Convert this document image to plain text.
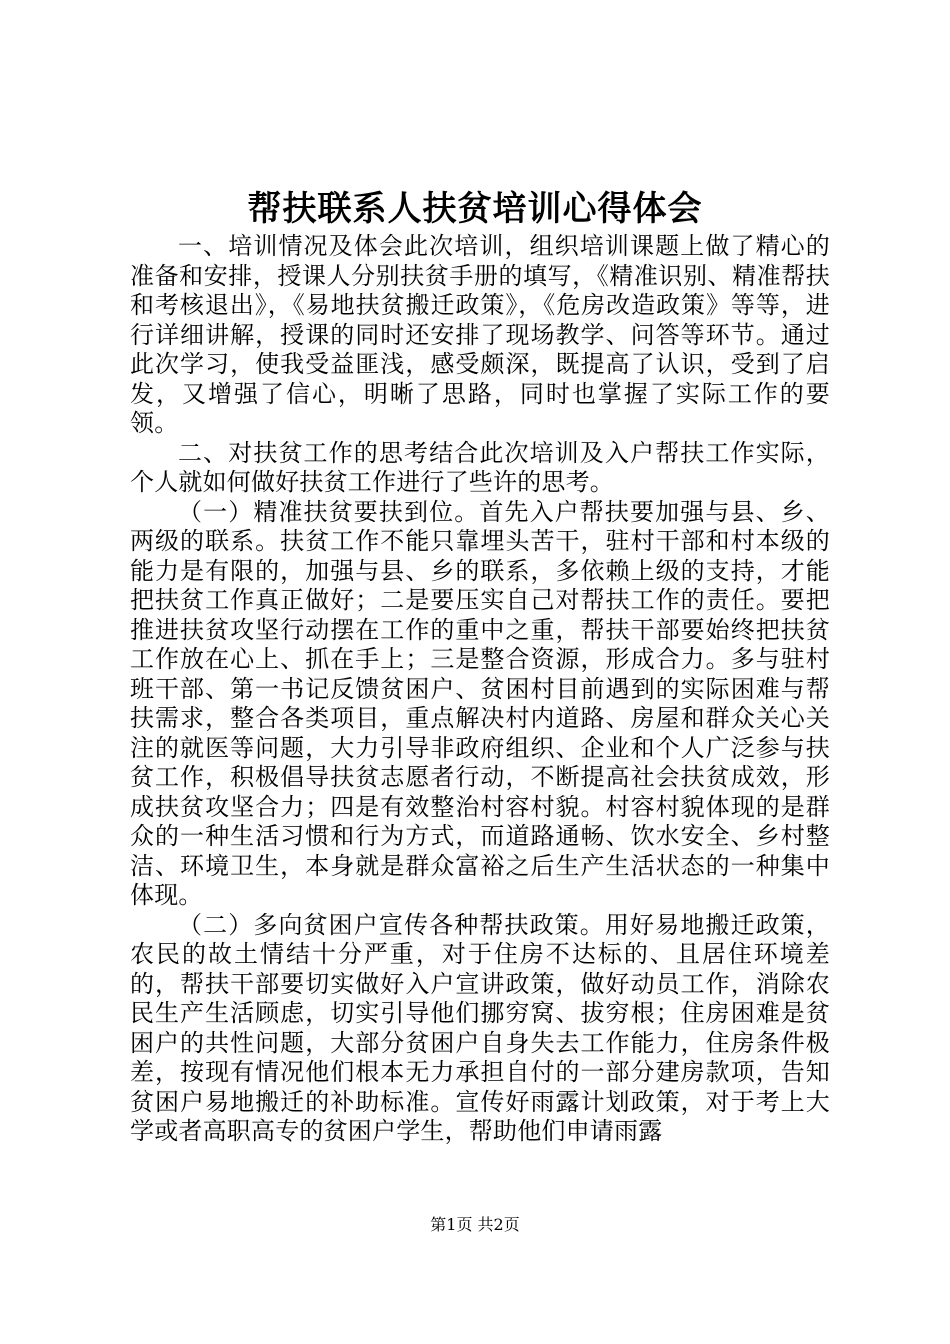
帮扶联系人扶贫培训心得体会

一、培训情况及体会此次培训，组织培训课题上做了精心的准备和安排，授课人分别扶贫手册的填写，《精准识别、精准帮扶和考核退出》，《易地扶贫搬迁政策》，《危房改造政策》等等，进行详细讲解，授课的同时还安排了现场教学、问答等环节。通过此次学习，使我受益匪浅，感受颇深，既提高了认识，受到了启发，又增强了信心，明晰了思路，同时也掌握了实际工作的要领。

二、对扶贫工作的思考结合此次培训及入户帮扶工作实际，个人就如何做好扶贫工作进行了些许的思考。

（一）精准扶贫要扶到位。首先入户帮扶要加强与县、乡、两级的联系。扶贫工作不能只靠埋头苦干，驻村干部和村本级的能力是有限的，加强与县、乡的联系，多依赖上级的支持，才能把扶贫工作真正做好；二是要压实自己对帮扶工作的责任。要把推进扶贫攻坚行动摆在工作的重中之重，帮扶干部要始终把扶贫工作放在心上、抓在手上；三是整合资源，形成合力。多与驻村班干部、第一书记反馈贫困户、贫困村目前遇到的实际困难与帮扶需求，整合各类项目，重点解决村内道路、房屋和群众关心关注的就医等问题，大力引导非政府组织、企业和个人广泛参与扶贫工作，积极倡导扶贫志愿者行动，不断提高社会扶贫成效，形成扶贫攻坚合力；四是有效整治村容村貌。村容村貌体现的是群众的一种生活习惯和行为方式，而道路通畅、饮水安全、乡村整洁、环境卫生，本身就是群众富裕之后生产生活状态的一种集中体现。

（二）多向贫困户宣传各种帮扶政策。用好易地搬迁政策，农民的故土情结十分严重，对于住房不达标的、且居住环境差的，帮扶干部要切实做好入户宣讲政策，做好动员工作，消除农民生产生活顾虑，切实引导他们挪穷窝、拔穷根；住房困难是贫困户的共性问题，大部分贫困户自身失去工作能力，住房条件极差，按现有情况他们根本无力承担自付的一部分建房款项，告知贫困户易地搬迁的补助标准。宣传好雨露计划政策，对于考上大学或者高职高专的贫困户学生，帮助他们申请雨露

第1页 共2页
